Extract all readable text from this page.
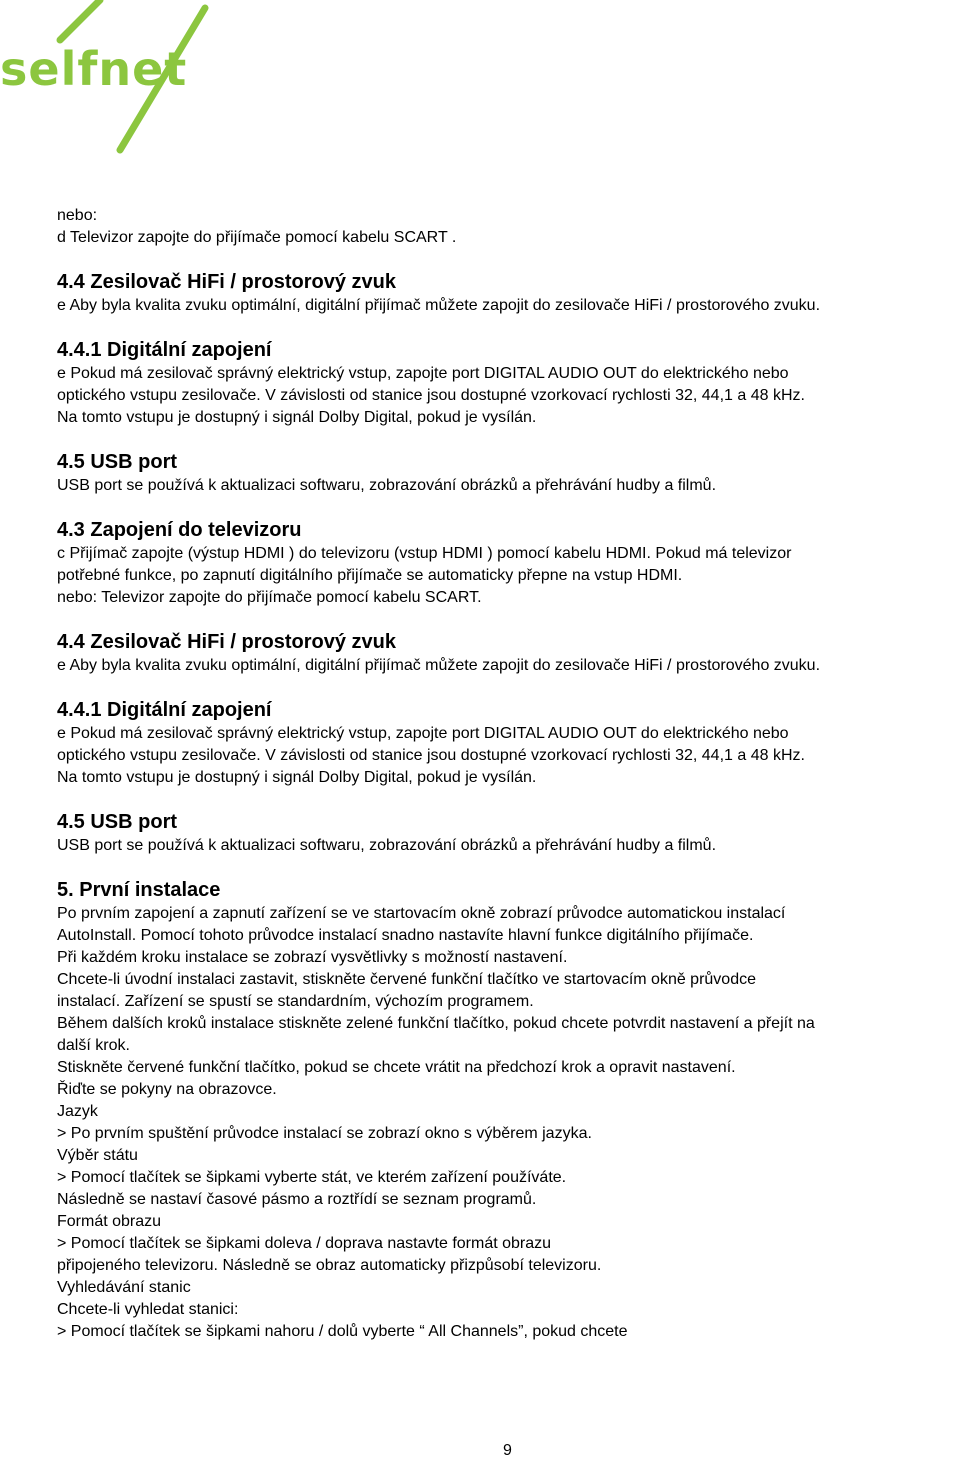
selfnet
nebo:
d Televizor zapojte do přijímače pomocí kabelu SCART .
4.4 Zesilovač HiFi / prostorový zvuk
e Aby byla kvalita zvuku optimální, digitální přijímač můžete zapojit do zesilovače HiFi / prostorového zvuku.
4.4.1 Digitální zapojení
e Pokud má zesilovač správný elektrický vstup, zapojte port DIGITAL AUDIO OUT do elektrického nebo
optického vstupu zesilovače. V závislosti od stanice jsou dostupné vzorkovací rychlosti 32, 44,1 a 48 kHz.
Na tomto vstupu je dostupný i signál Dolby Digital, pokud je vysílán.
4.5 USB port
USB port se používá k aktualizaci softwaru, zobrazování obrázků a přehrávání hudby a filmů.
4.3 Zapojení do televizoru
c Přijímač zapojte (výstup HDMI ) do televizoru (vstup HDMI ) pomocí kabelu HDMI. Pokud má televizor
potřebné funkce, po zapnutí digitálního přijímače se automaticky přepne na vstup HDMI.
nebo: Televizor zapojte do přijímače pomocí kabelu SCART.
4.4 Zesilovač HiFi / prostorový zvuk
e Aby byla kvalita zvuku optimální, digitální přijímač můžete zapojit do zesilovače HiFi / prostorového zvuku.
4.4.1 Digitální zapojení
e Pokud má zesilovač správný elektrický vstup, zapojte port DIGITAL AUDIO OUT do elektrického nebo
optického vstupu zesilovače. V závislosti od stanice jsou dostupné vzorkovací rychlosti 32, 44,1 a 48 kHz.
Na tomto vstupu je dostupný i signál Dolby Digital, pokud je vysílán.
4.5 USB port
USB port se používá k aktualizaci softwaru, zobrazování obrázků a přehrávání hudby a filmů.
5. První instalace
Po prvním zapojení a zapnutí zařízení se ve startovacím okně zobrazí průvodce automatickou instalací
AutoInstall. Pomocí tohoto průvodce instalací snadno nastavíte hlavní funkce digitálního přijímače.
Při každém kroku instalace se zobrazí vysvětlivky s možností nastavení.
Chcete-li úvodní instalaci zastavit, stiskněte červené funkční tlačítko ve startovacím okně průvodce
instalací. Zařízení se spustí se standardním, výchozím programem.
Během dalších kroků instalace stiskněte zelené funkční tlačítko, pokud chcete potvrdit nastavení a přejít na
další krok.
Stiskněte červené funkční tlačítko, pokud se chcete vrátit na předchozí krok a opravit nastavení.
Řiďte se pokyny na obrazovce.
Jazyk
> Po prvním spuštění průvodce instalací se zobrazí okno s výběrem jazyka.
Výběr státu
> Pomocí tlačítek se šipkami vyberte stát, ve kterém zařízení používáte.
Následně se nastaví časové pásmo a roztřídí se seznam programů.
Formát obrazu
> Pomocí tlačítek se šipkami doleva / doprava nastavte formát obrazu
připojeného televizoru. Následně se obraz automaticky přizpůsobí televizoru.
Vyhledávání stanic
Chcete-li vyhledat stanici:
> Pomocí tlačítek se šipkami nahoru / dolů vyberte “ All Channels”, pokud chcete
9
